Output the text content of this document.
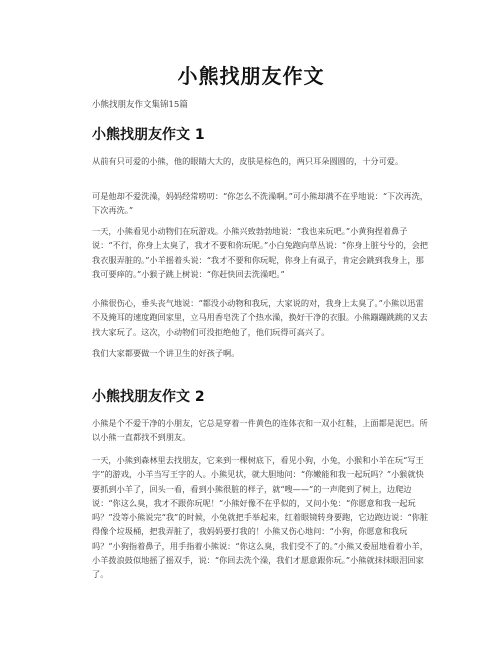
小熊找朋友作文

小熊找朋友作文集锦15篇

小熊找朋友作文 1

从前有只可爱的小熊，他的眼睛大大的，皮肤是棕色的，两只耳朵圆圆的，十分可爱。

可是他却不爱洗澡，妈妈经常唠叨：“你怎么不洗澡啊。”可小熊却满不在乎地说：“下次再洗，下次再洗。”

一天，小熊看见小动物们在玩游戏。小熊兴致勃勃地说：“我也来玩吧。”小黄狗捏着鼻子说：“不行，你身上太臭了，我才不要和你玩呢。”小白兔跑向草丛说：“你身上脏兮兮的，会把我衣服弄脏的。”小羊摇着头说：“我才不要和你玩呢，你身上有虱子，肯定会跳到我身上，那我可要痒的。”小猴子跳上树说：“你赶快回去洗澡吧。”

小熊很伤心，垂头丧气地说：“都没小动物和我玩，大家说的对，我身上太臭了。”小熊以迅雷不及掩耳的速度跑回家里，立马用香皂洗了个热水澡，换好干净的衣服。小熊蹦蹦跳跳的又去找大家玩了。这次，小动物们可没拒绝他了，他们玩得可高兴了。

我们大家都要做一个讲卫生的好孩子啊。

小熊找朋友作文 2

小熊是个不爱干净的小朋友，它总是穿着一件黄色的连体衣和一双小红鞋，上面都是泥巴。所以小熊一直都找不到朋友。

一天，小熊到森林里去找朋友，它来到一棵树底下，看见小狗，小兔，小猴和小羊在玩“写王字”的游戏，小羊当写王字的人。小熊见状，就大胆地问：“你嫩能和我一起玩吗？”小猴就快要抓到小羊了，回头一看，看到小熊很脏的样子，就“嗖——”的一声爬到了树上，边爬边说：“你这么臭，我才不跟你玩呢！”小熊好像不在乎似的，又问小兔：“你愿意和我一起玩吗？”没等小熊说完“我”的时候，小兔就把手举起来，红着眼镜转身要跑，它边跑边说：“你脏得像个垃圾桶，把我弄脏了，我妈妈要打我的！小熊又伤心地问：“小狗，你愿意和我玩吗？”小狗指着鼻子，用手指着小熊说：“你这么臭，我们受不了的。”小熊又委屈地看着小羊，小羊拨浪鼓似地摇了摇双手，说：“你回去洗个澡，我们才愿意跟你玩。”小熊就抹抹眼泪回家了。
